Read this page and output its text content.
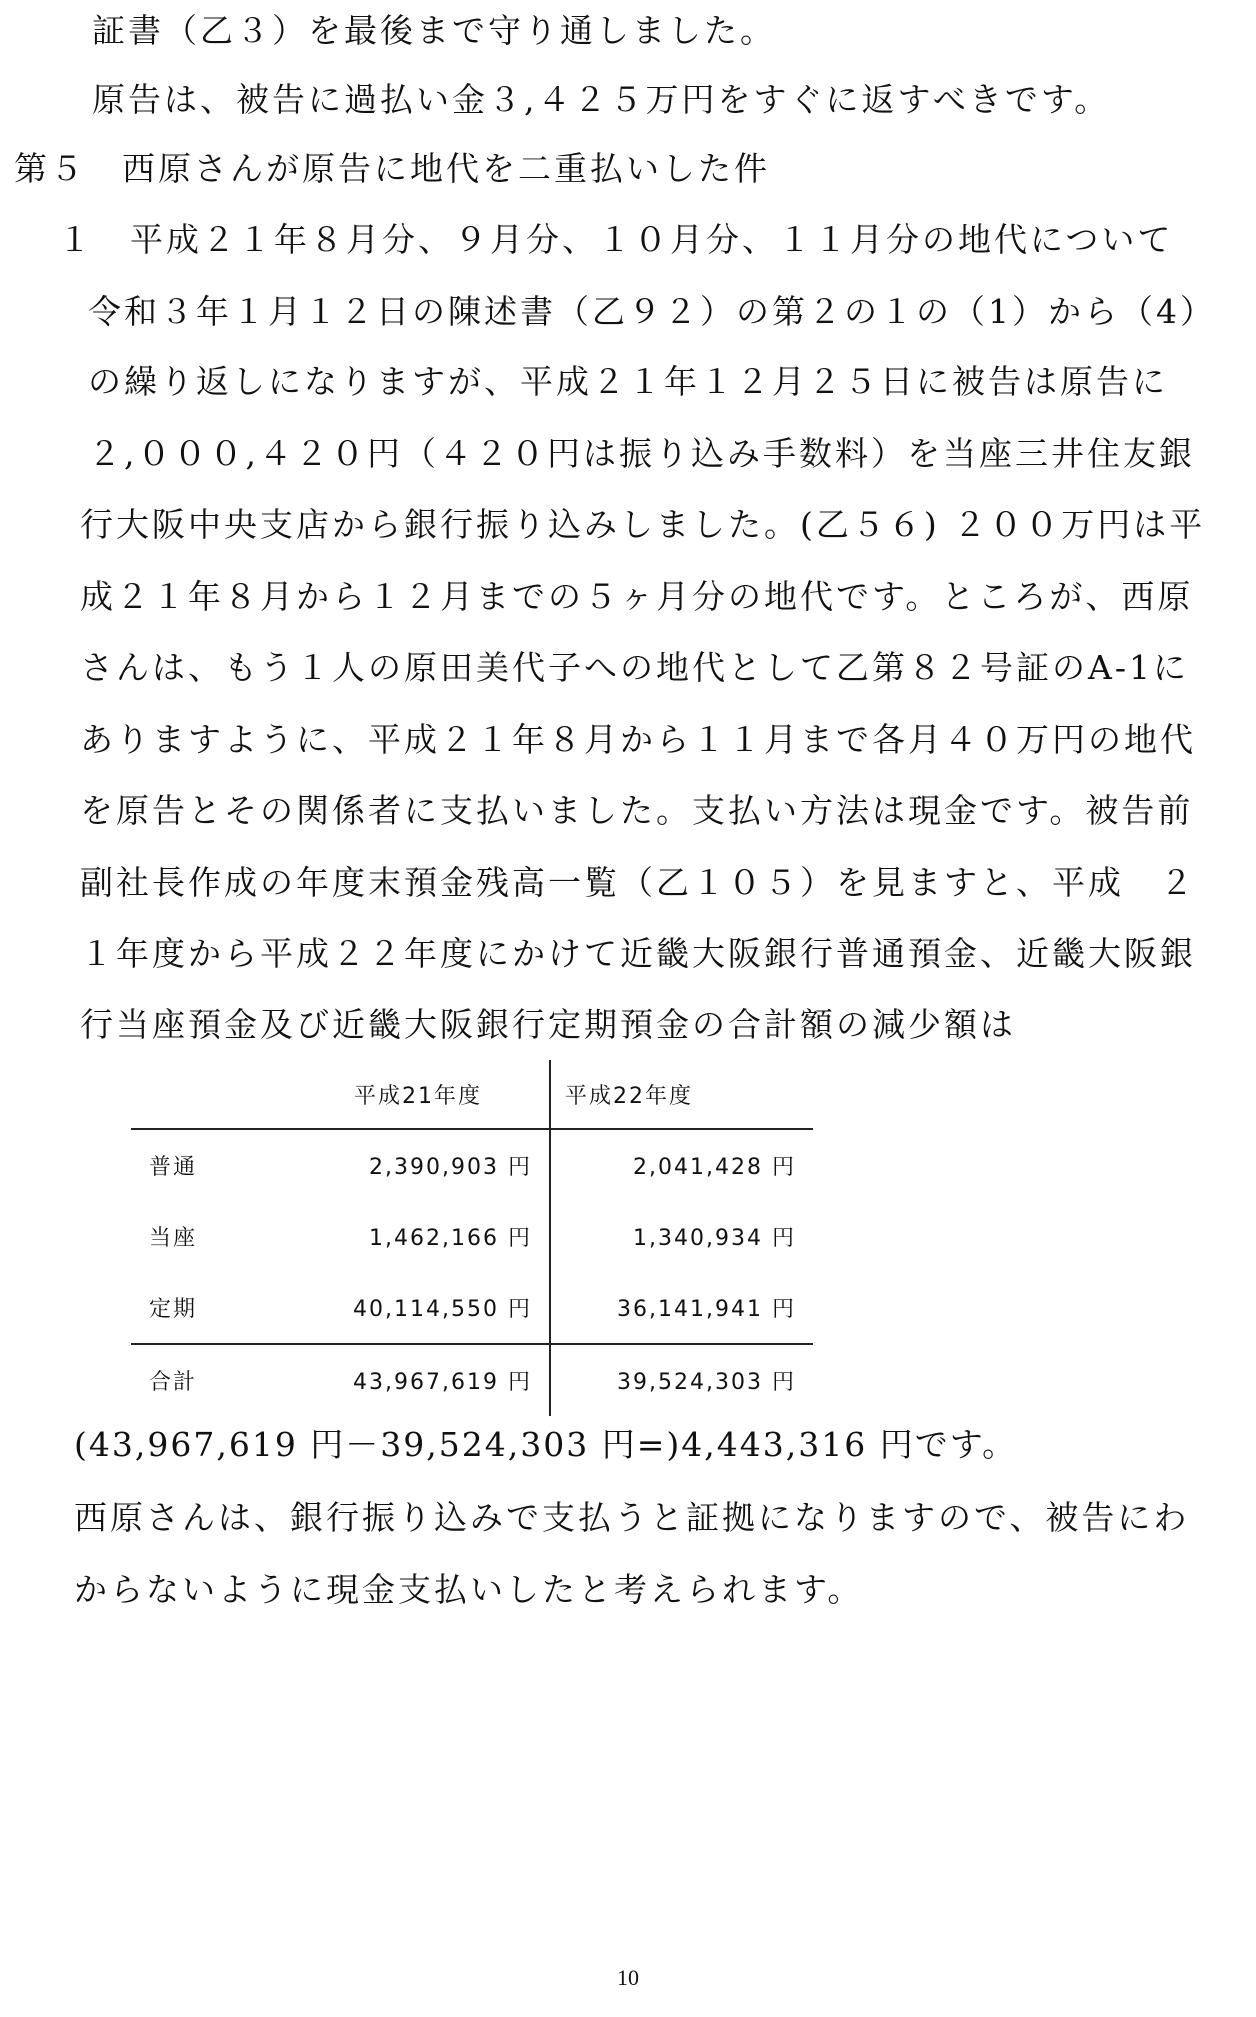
証書（乙３）を最後まで守り通しました。
原告は、被告に過払い金３,４２５万円をすぐに返すべきです。
第５　西原さんが原告に地代を二重払いした件
１　平成２１年８月分、９月分、１０月分、１１月分の地代について
令和３年１月１２日の陳述書（乙９２）の第２の１の（1）から（4）
の繰り返しになりますが、平成２１年１２月２５日に被告は原告に
２,０００,４２０円（４２０円は振り込み手数料）を当座三井住友銀
行大阪中央支店から銀行振り込みしました。(乙５６) ２００万円は平
成２１年８月から１２月までの５ヶ月分の地代です。ところが、西原
さんは、もう１人の原田美代子への地代として乙第８２号証のA-1に
ありますように、平成２１年８月から１１月まで各月４０万円の地代
を原告とその関係者に支払いました。支払い方法は現金です。被告前
副社長作成の年度末預金残高一覧（乙１０５）を見ますと、平成　２
１年度から平成２２年度にかけて近畿大阪銀行普通預金、近畿大阪銀
行当座預金及び近畿大阪銀行定期預金の合計額の減少額は
	平成21年度	平成22年度
普通	2,390,903 円	2,041,428 円
当座	1,462,166 円	1,340,934 円
定期	40,114,550 円	36,141,941 円
合計	43,967,619 円	39,524,303 円
(43,967,619 円－39,524,303 円=)4,443,316 円です。
西原さんは、銀行振り込みで支払うと証拠になりますので、被告にわ
からないように現金支払いしたと考えられます。
10
